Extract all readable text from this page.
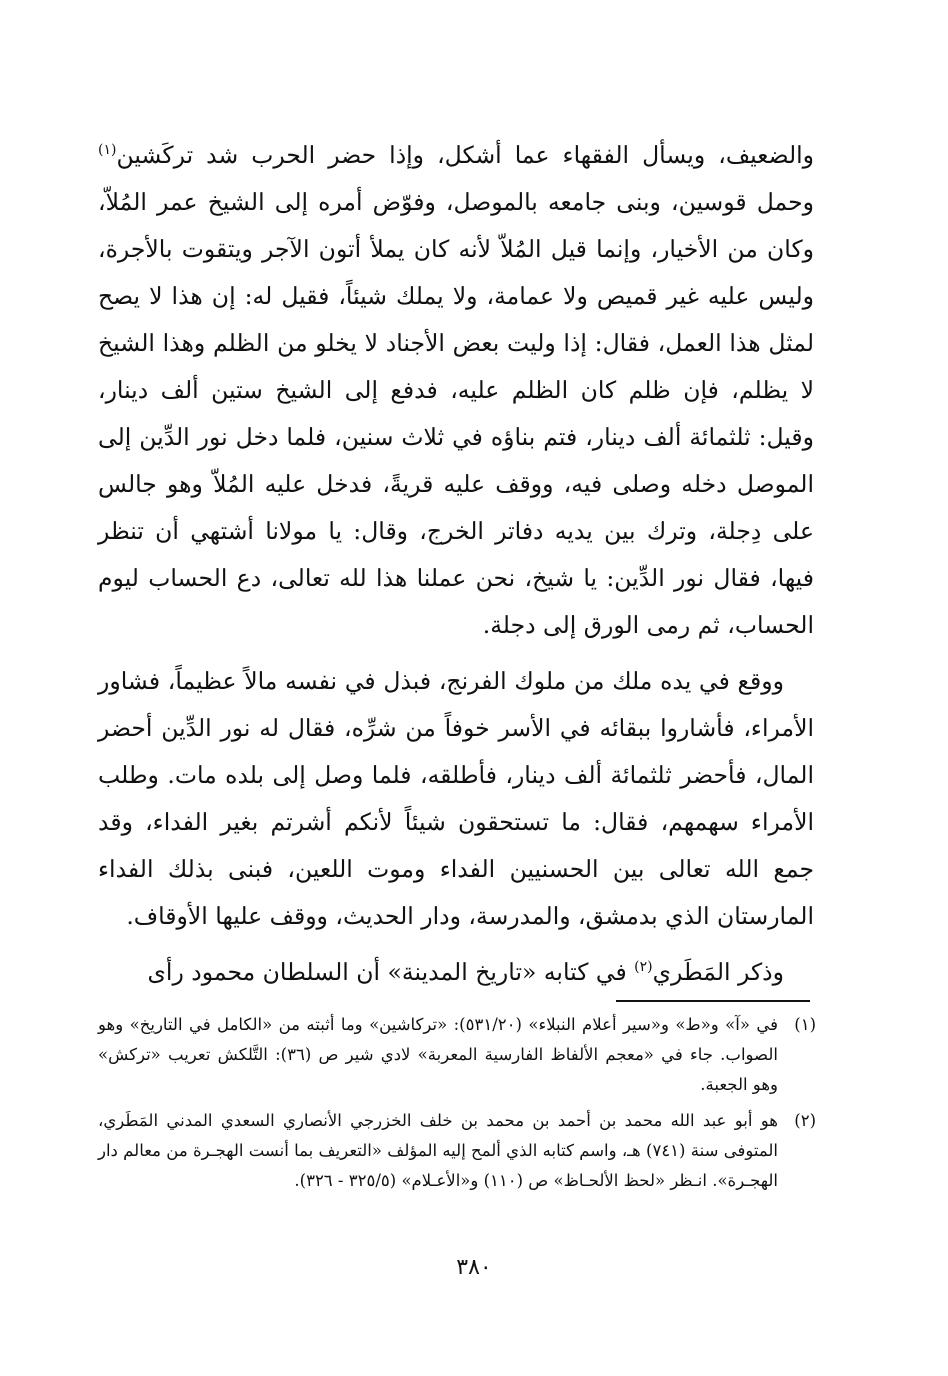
والضعيف، ويسأل الفقهاء عما أشكل، وإذا حضر الحرب شد تركَشين$^{(١)}$ وحمل قوسين، وبنى جامعه بالموصل، وفوّض أمره إلى الشيخ عمر المُلاّ، وكان من الأخيار، وإنما قيل المُلاّ لأنه كان يملأ أتون الآجر ويتقوت بالأجرة، وليس عليه غير قميص ولا عمامة، ولا يملك شيئاً، فقيل له: إن هذا لا يصح لمثل هذا العمل، فقال: إذا وليت بعض الأجناد لا يخلو من الظلم وهذا الشيخ لا يظلم، فإن ظلم كان الظلم عليه، فدفع إلى الشيخ ستين ألف دينار، وقيل: ثلثمائة ألف دينار، فتم بناؤه في ثلاث سنين، فلما دخل نور الدِّين إلى الموصل دخله وصلى فيه، ووقف عليه قريةً، فدخل عليه المُلاّ وهو جالس على دِجلة، وترك بين يديه دفاتر الخرج، وقال: يا مولانا أشتهي أن تنظر فيها، فقال نور الدِّين: يا شيخ، نحن عملنا هذا لله تعالى، دع الحساب ليوم الحساب، ثم رمى الورق إلى دجلة.

ووقع في يده ملك من ملوك الفرنج، فبذل في نفسه مالاً عظيماً، فشاور الأمراء، فأشاروا ببقائه في الأسر خوفاً من شرِّه، فقال له نور الدِّين أحضر المال، فأحضر ثلثمائة ألف دينار، فأطلقه، فلما وصل إلى بلده مات. وطلب الأمراء سهمهم، فقال: ما تستحقون شيئاً لأنكم أشرتم بغير الفداء، وقد جمع الله تعالى بين الحسنيين الفداء وموت اللعين، فبنى بذلك الفداء المارستان الذي بدمشق، والمدرسة، ودار الحديث، ووقف عليها الأوقاف.

وذكر المَطَري$^{(٢)}$ في كتابه «تاريخ المدينة» أن السلطان محمود رأى

(١)
في «آ» و«ط» و«سير أعلام النبلاء» (٥٣١/٢٠): «تركاشين» وما أثبته من «الكامل في التاريخ» وهو الصواب. جاء في «معجم الألفاظ الفارسية المعربة» لادي شير ص (٣٦): التَّلكش تعريب «تركش» وهو الجعبة.

(٢)
هو أبو عبد الله محمد بن أحمد بن محمد بن خلف الخزرجي الأنصاري السعدي المدني المَطَري، المتوفى سنة (٧٤١) هـ، واسم كتابه الذي ألمح إليه المؤلف «التعريف بما أنست الهجـرة من معالم دار الهجـرة». انـظر «لحظ الألحـاظ» ص (١١٠) و«الأعـلام» (٣٢٥/٥ - ٣٢٦).

٣٨٠
